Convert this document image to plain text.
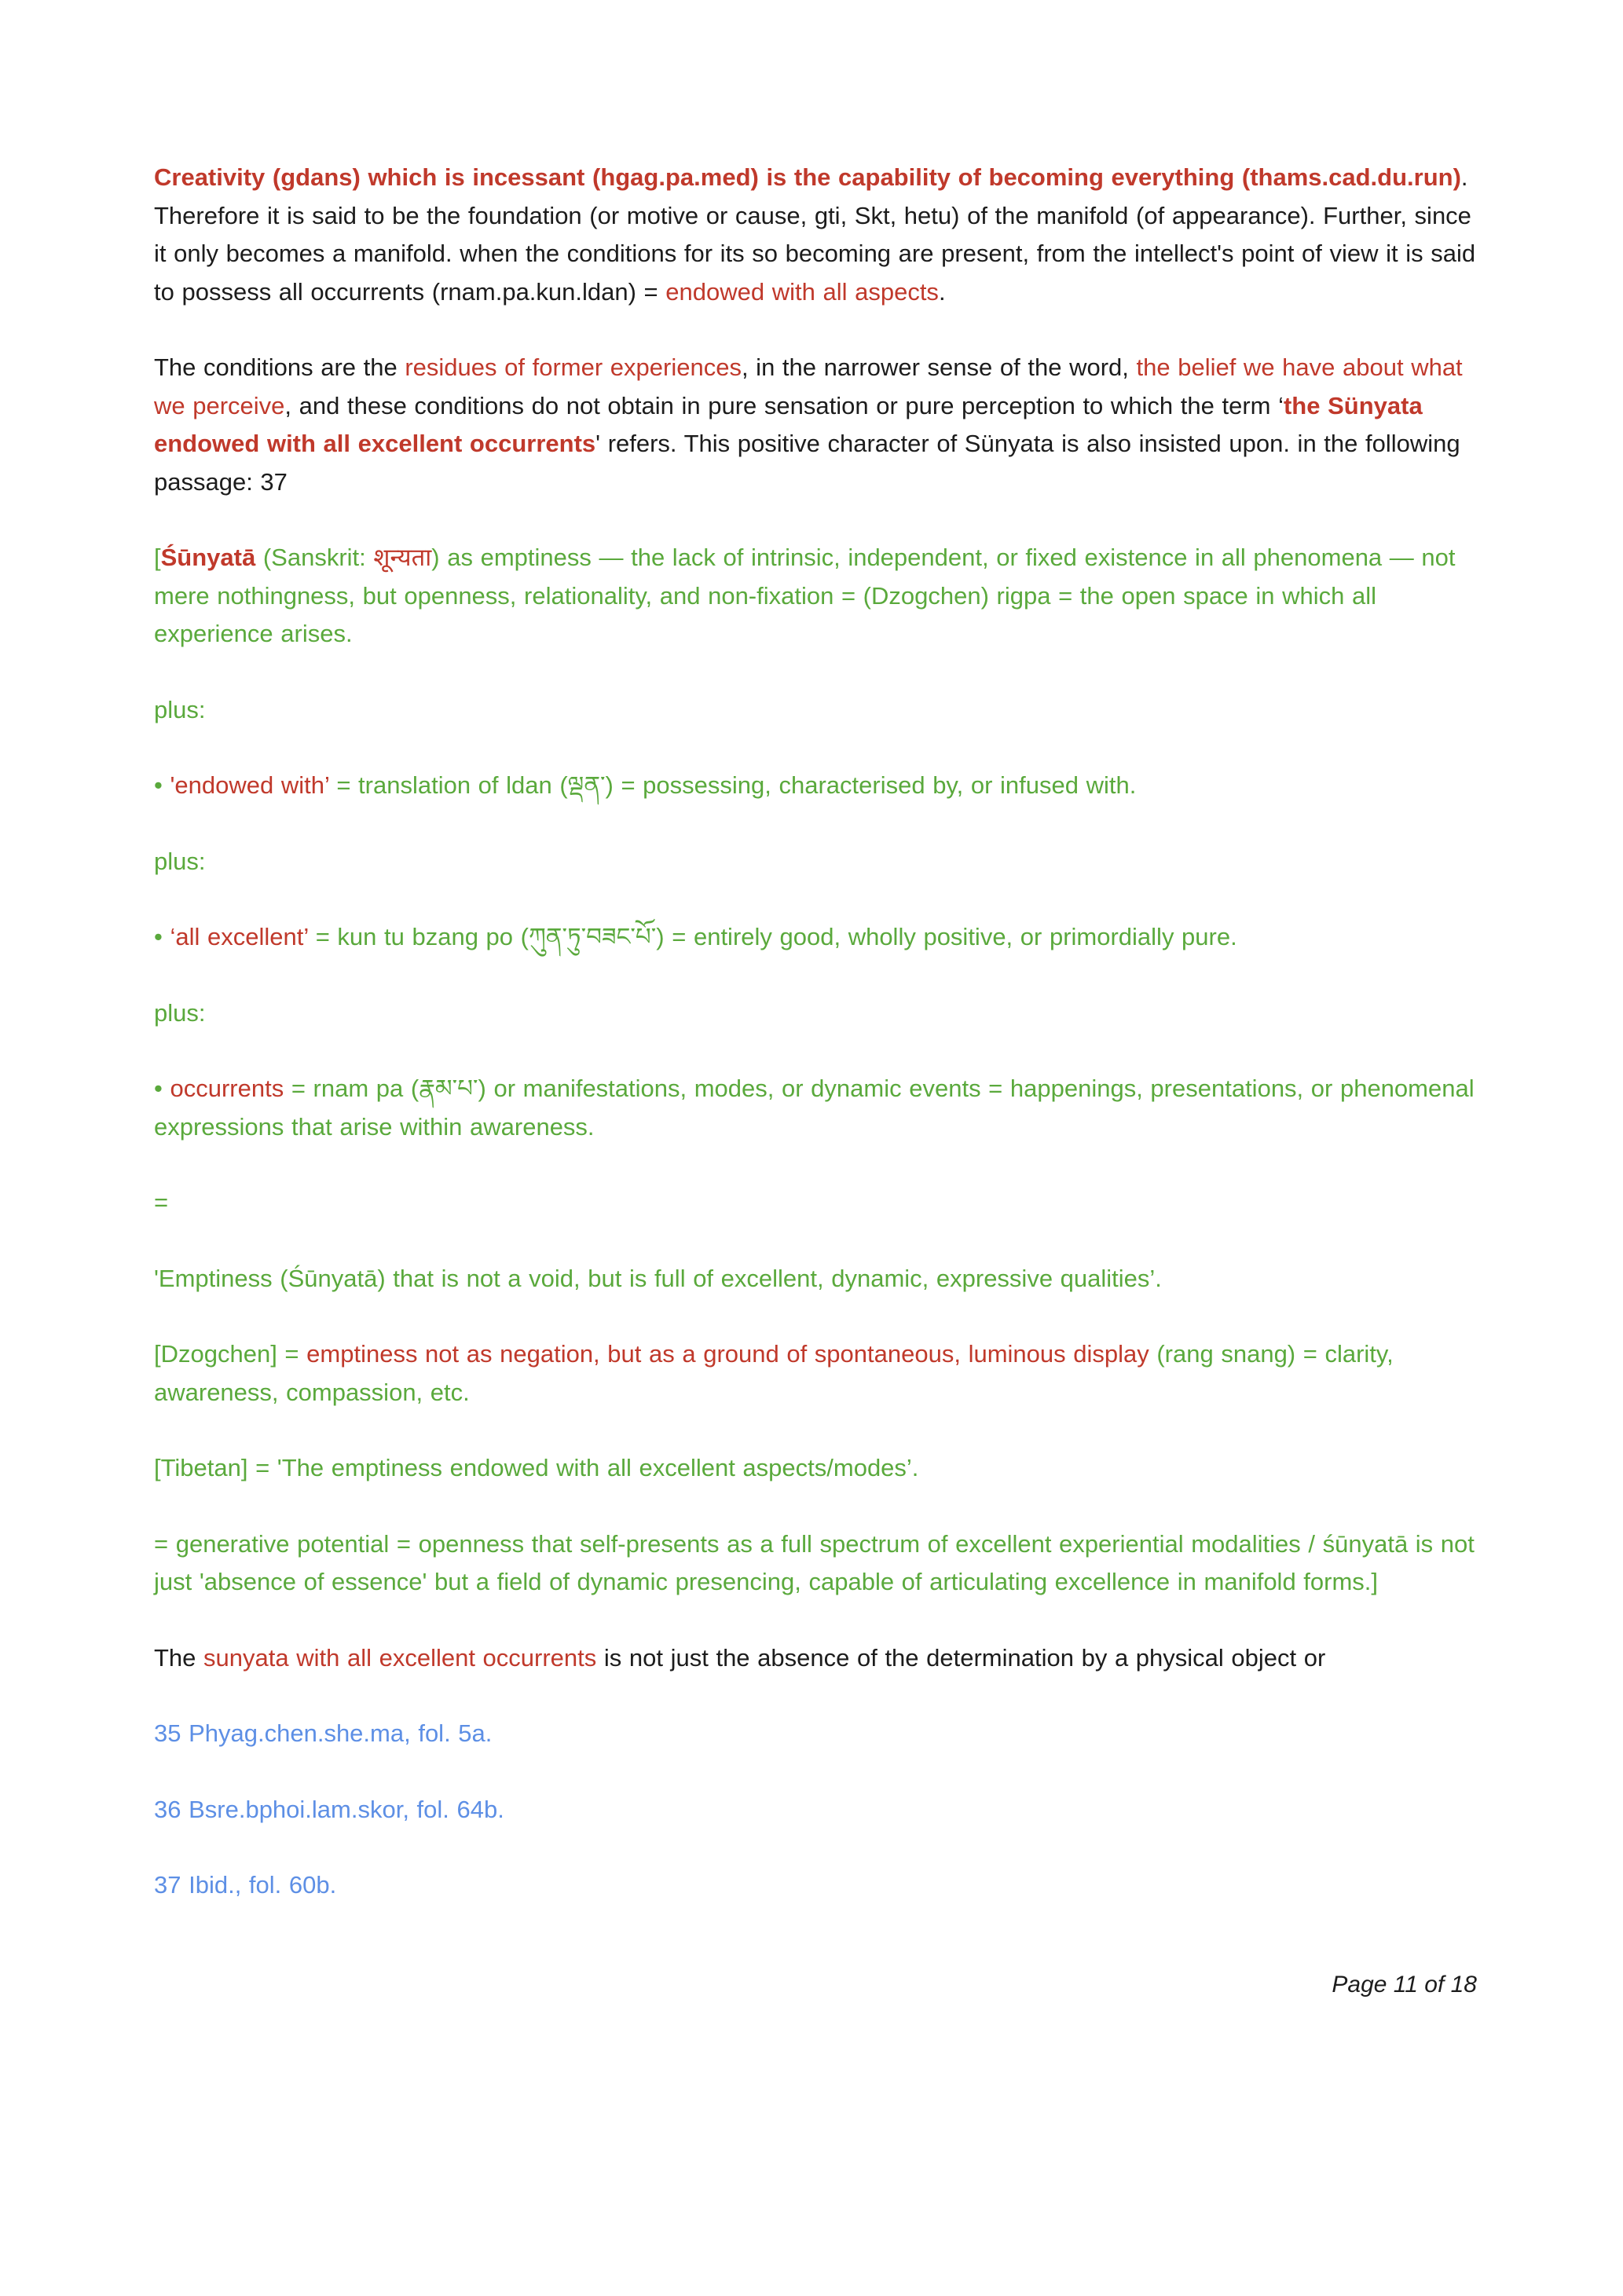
Creativity (gdans) which is incessant (hgag.pa.med) is the capability of becoming everything (thams.cad.du.run). Therefore it is said to be the foundation (or motive or cause, gti, Skt, hetu) of the manifold (of appearance). Further, since it only becomes a manifold. when the conditions for its so becoming are present, from the intellect's point of view it is said to possess all occurrents (rnam.pa.kun.ldan) = endowed with all aspects.

The conditions are the residues of former experiences, in the narrower sense of the word, the belief we have about what we perceive, and these conditions do not obtain in pure sensation or pure perception to which the term ‘the Sünyata endowed with all excellent occurrents' refers. This positive character of Sünyata is also insisted upon. in the following passage: 37

[Śūnyatā (Sanskrit: शून्यता) as emptiness — the lack of intrinsic, independent, or fixed existence in all phenomena — not mere nothingness, but openness, relationality, and non-fixation = (Dzogchen) rigpa = the open space in which all experience arises.

plus:

• 'endowed with’ = translation of ldan (ལྡན་) = possessing, characterised by, or infused with.

plus:

• ‘all excellent’ = kun tu bzang po (ཀུན་ཏུ་བཟང་པོ་) = entirely good, wholly positive, or primordially pure.

plus:

• occurrents = rnam pa (རྣམ་པ་) or manifestations, modes, or dynamic events = happenings, presentations, or phenomenal expressions that arise within awareness.

=

'Emptiness (Śūnyatā) that is not a void, but is full of excellent, dynamic, expressive qualities’.

[Dzogchen] = emptiness not as negation, but as a ground of spontaneous, luminous display (rang snang) = clarity, awareness, compassion, etc.

[Tibetan] = 'The emptiness endowed with all excellent aspects/modes’.

= generative potential = openness that self-presents as a full spectrum of excellent experiential modalities / śūnyatā is not just 'absence of essence' but a field of dynamic presencing, capable of articulating excellence in manifold forms.]

The sunyata with all excellent occurrents is not just the absence of the determination by a physical object or

35 Phyag.chen.she.ma, fol. 5a.

36 Bsre.bphoi.lam.skor, fol. 64b.

37 Ibid., fol. 60b.

Page 11 of 18
